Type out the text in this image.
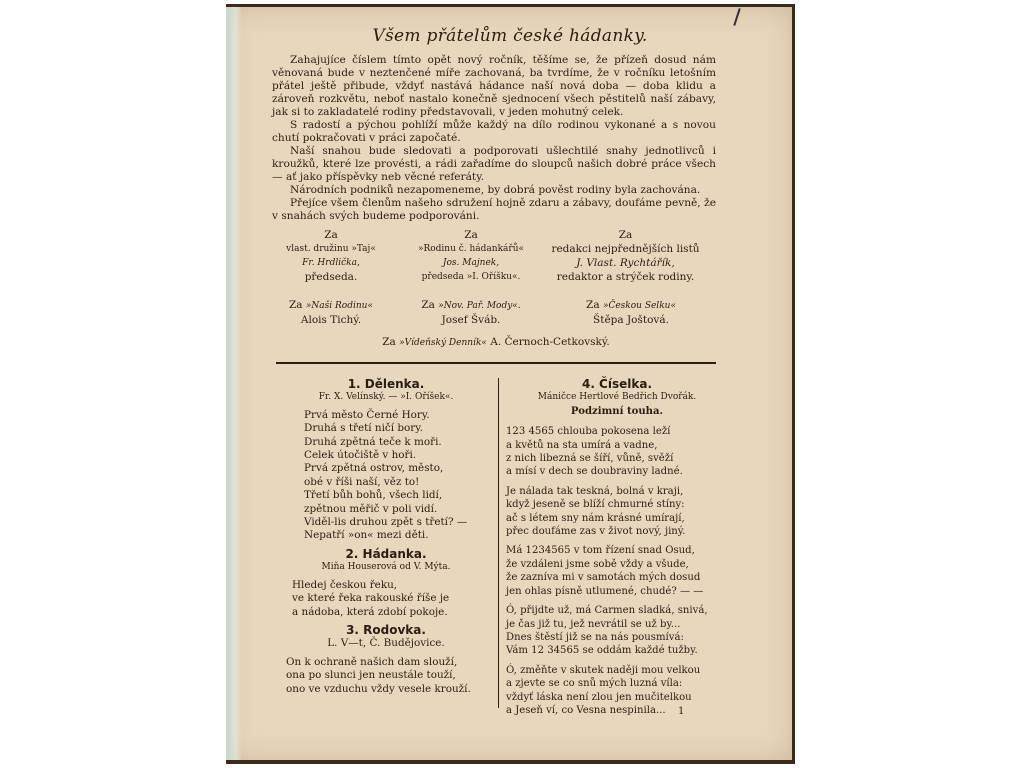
Všem přátelům české hádanky.

Zahajujíce číslem tímto opět nový ročník, těšíme se, že přízeň dosud nám věnovaná bude v neztenčené míře zachovaná, ba tvrdíme, že v ročníku letošním přátel ještě přibude, vždyť nastává hádance naší nová doba — doba klidu a zároveň rozkvětu, neboť nastalo konečně sjednocení všech pěstitelů naší zábavy, jak si to zakladatelé rodiny představovali, v jeden mohutný celek.

S radostí a pýchou pohlíží může každý na dílo rodinou vykonané a s novou chutí pokračovati v práci započaté.

Naší snahou bude sledovati a podporovati ušlechtilé snahy jednotlivců i kroužků, které lze provésti, a rádi zařadíme do sloupců našich dobré práce všech — ať jako příspěvky neb věcné referáty.

Národních podniků nezapomeneme, by dobrá pověst rodiny byla zachována.

Přejíce všem členům našeho sdružení hojně zdaru a zábavy, doufáme pevně, že v snahách svých budeme podporováni.

Za
vlast. družinu »Taj«
Fr. Hrdlička,
předseda.
Za
»Rodinu č. hádankářů«
Jos. Majnek,
předseda »I. Oříšku«.
Za
redakci nejpřednějších listů
J. Vlast. Rychtářík,
redaktor a strýček rodiny.
Za »Naši Rodinu«
Alois Tichý.
Za »Nov. Pař. Mody«.
Josef Šváb.
Za »Českou Selku«
Štěpa Joštová.
Za »Vídeňský Denník« A. Černoch-Cetkovský.
1. Dělenka.
Fr. X. Velínský. — »I. Oříšek«.
Prvá město Černé Hory.
Druhá s třetí ničí bory.
Druhá zpětná teče k moři.
Celek útočiště v hoři.
Prvá zpětná ostrov, město,
obé v říši naší, věz to!
Třetí bůh bohů, všech lidí,
zpětnou měřič v poli vidí.
Viděl-lis druhou zpět s třetí? —
Nepatří »on« mezi děti.
2. Hádanka.
Miňa Houserová od V. Mýta.
Hledej českou řeku,
ve které řeka rakouské říše je
a nádoba, která zdobí pokoje.
3. Rodovka.
L. V—t, Č. Budějovice.
On k ochraně našich dam slouží,
ona po slunci jen neustále touží,
ono ve vzduchu vždy vesele krouží.
4. Číselka.
Máničce Hertlové Bedřich Dvořák.
Podzimní touha.
123 4565 chlouba pokosena leží
a květů na sta umírá a vadne,
z nich libezná se šíří, vůně, svěží
a mísí v dech se doubraviny ladné.
Je nálada tak teskná, bolná v kraji,
když jeseně se blíží chmurné stíny:
ač s létem sny nám krásné umírají,
přec doufáme zas v život nový, jiný.
Má 1234565 v tom řízení snad Osud,
že vzdáleni jsme sobě vždy a všude,
že zazníva mi v samotách mých dosud
jen ohlas písně utlumené, chudé? — —
Ó, přijdte už, má Carmen sladká, snivá,
je čas již tu, jež nevrátil se už by...
Dnes štěstí již se na nás pousmívá:
Vám 12 34565 se oddám každé tužby.
Ó, změňte v skutek naději mou velkou
a zjevte se co snů mých luzná víla:
vždyť láska není zlou jen mučitelkou
a Jeseň ví, co Vesna nespinila...	1
